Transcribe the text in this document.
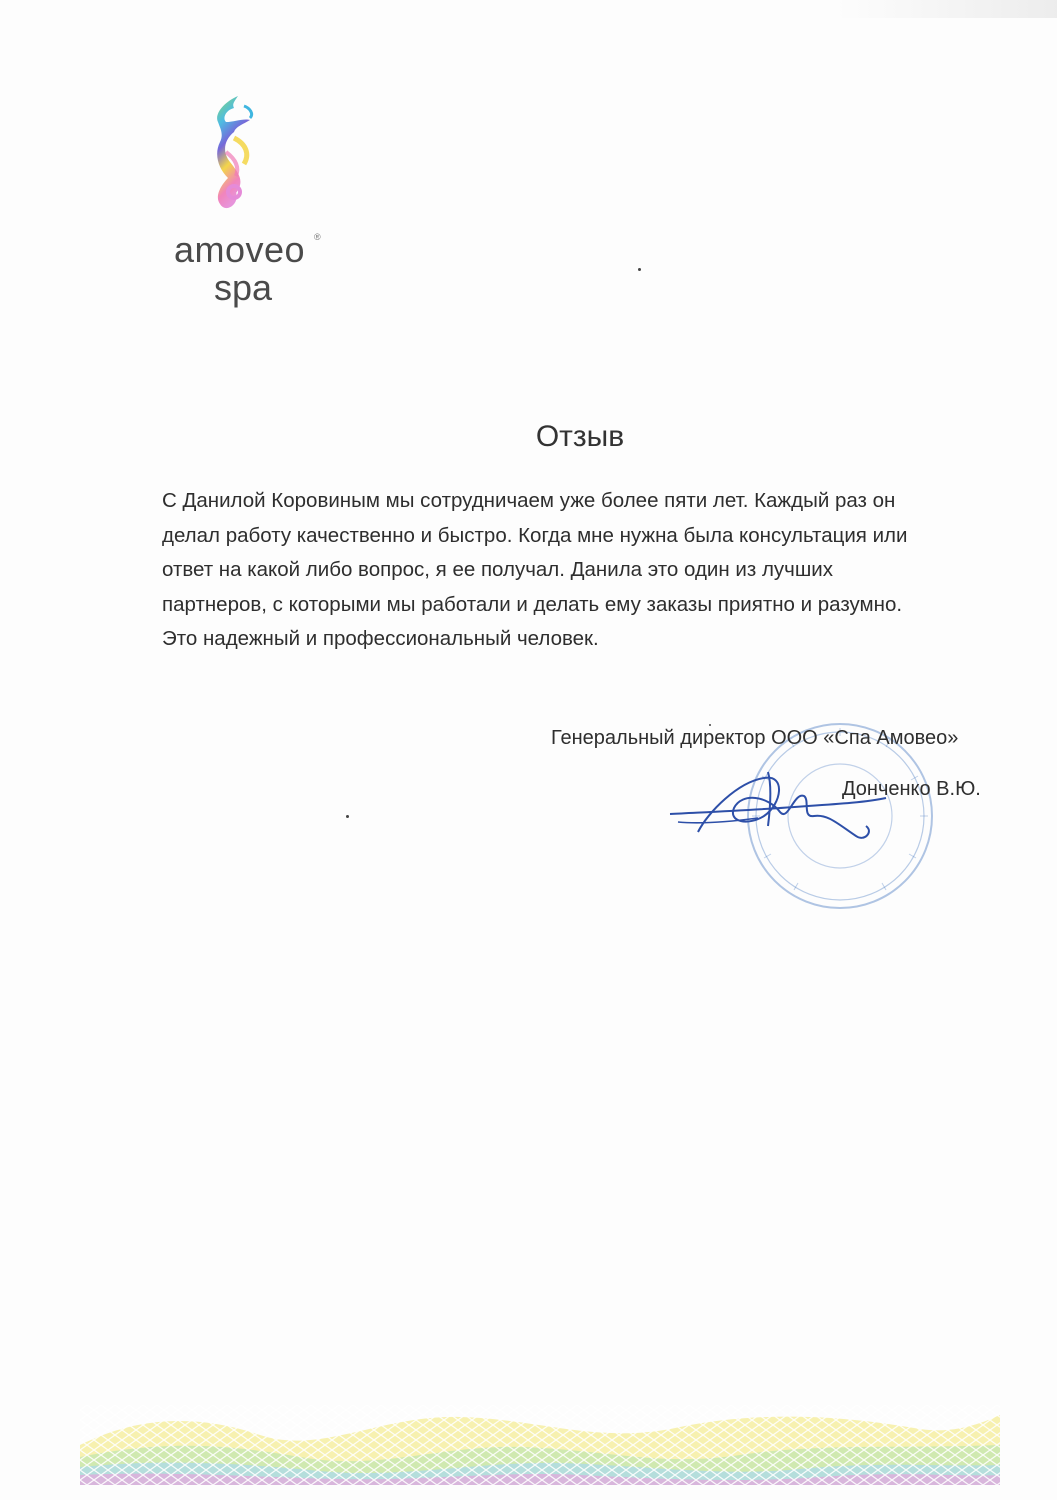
amoveo ®
spa
Отзыв

С Данилой Коровиным мы сотрудничаем уже более пяти лет. Каждый раз он

делал работу качественно и быстро. Когда мне нужна была консультация или

ответ на какой либо вопрос, я ее получал. Данила это один из лучших

партнеров, с которыми мы работали и делать ему заказы приятно и разумно.

Это надежный и профессиональный человек.

Генеральный директор ООО «Спа Амовео»
Донченко В.Ю.
